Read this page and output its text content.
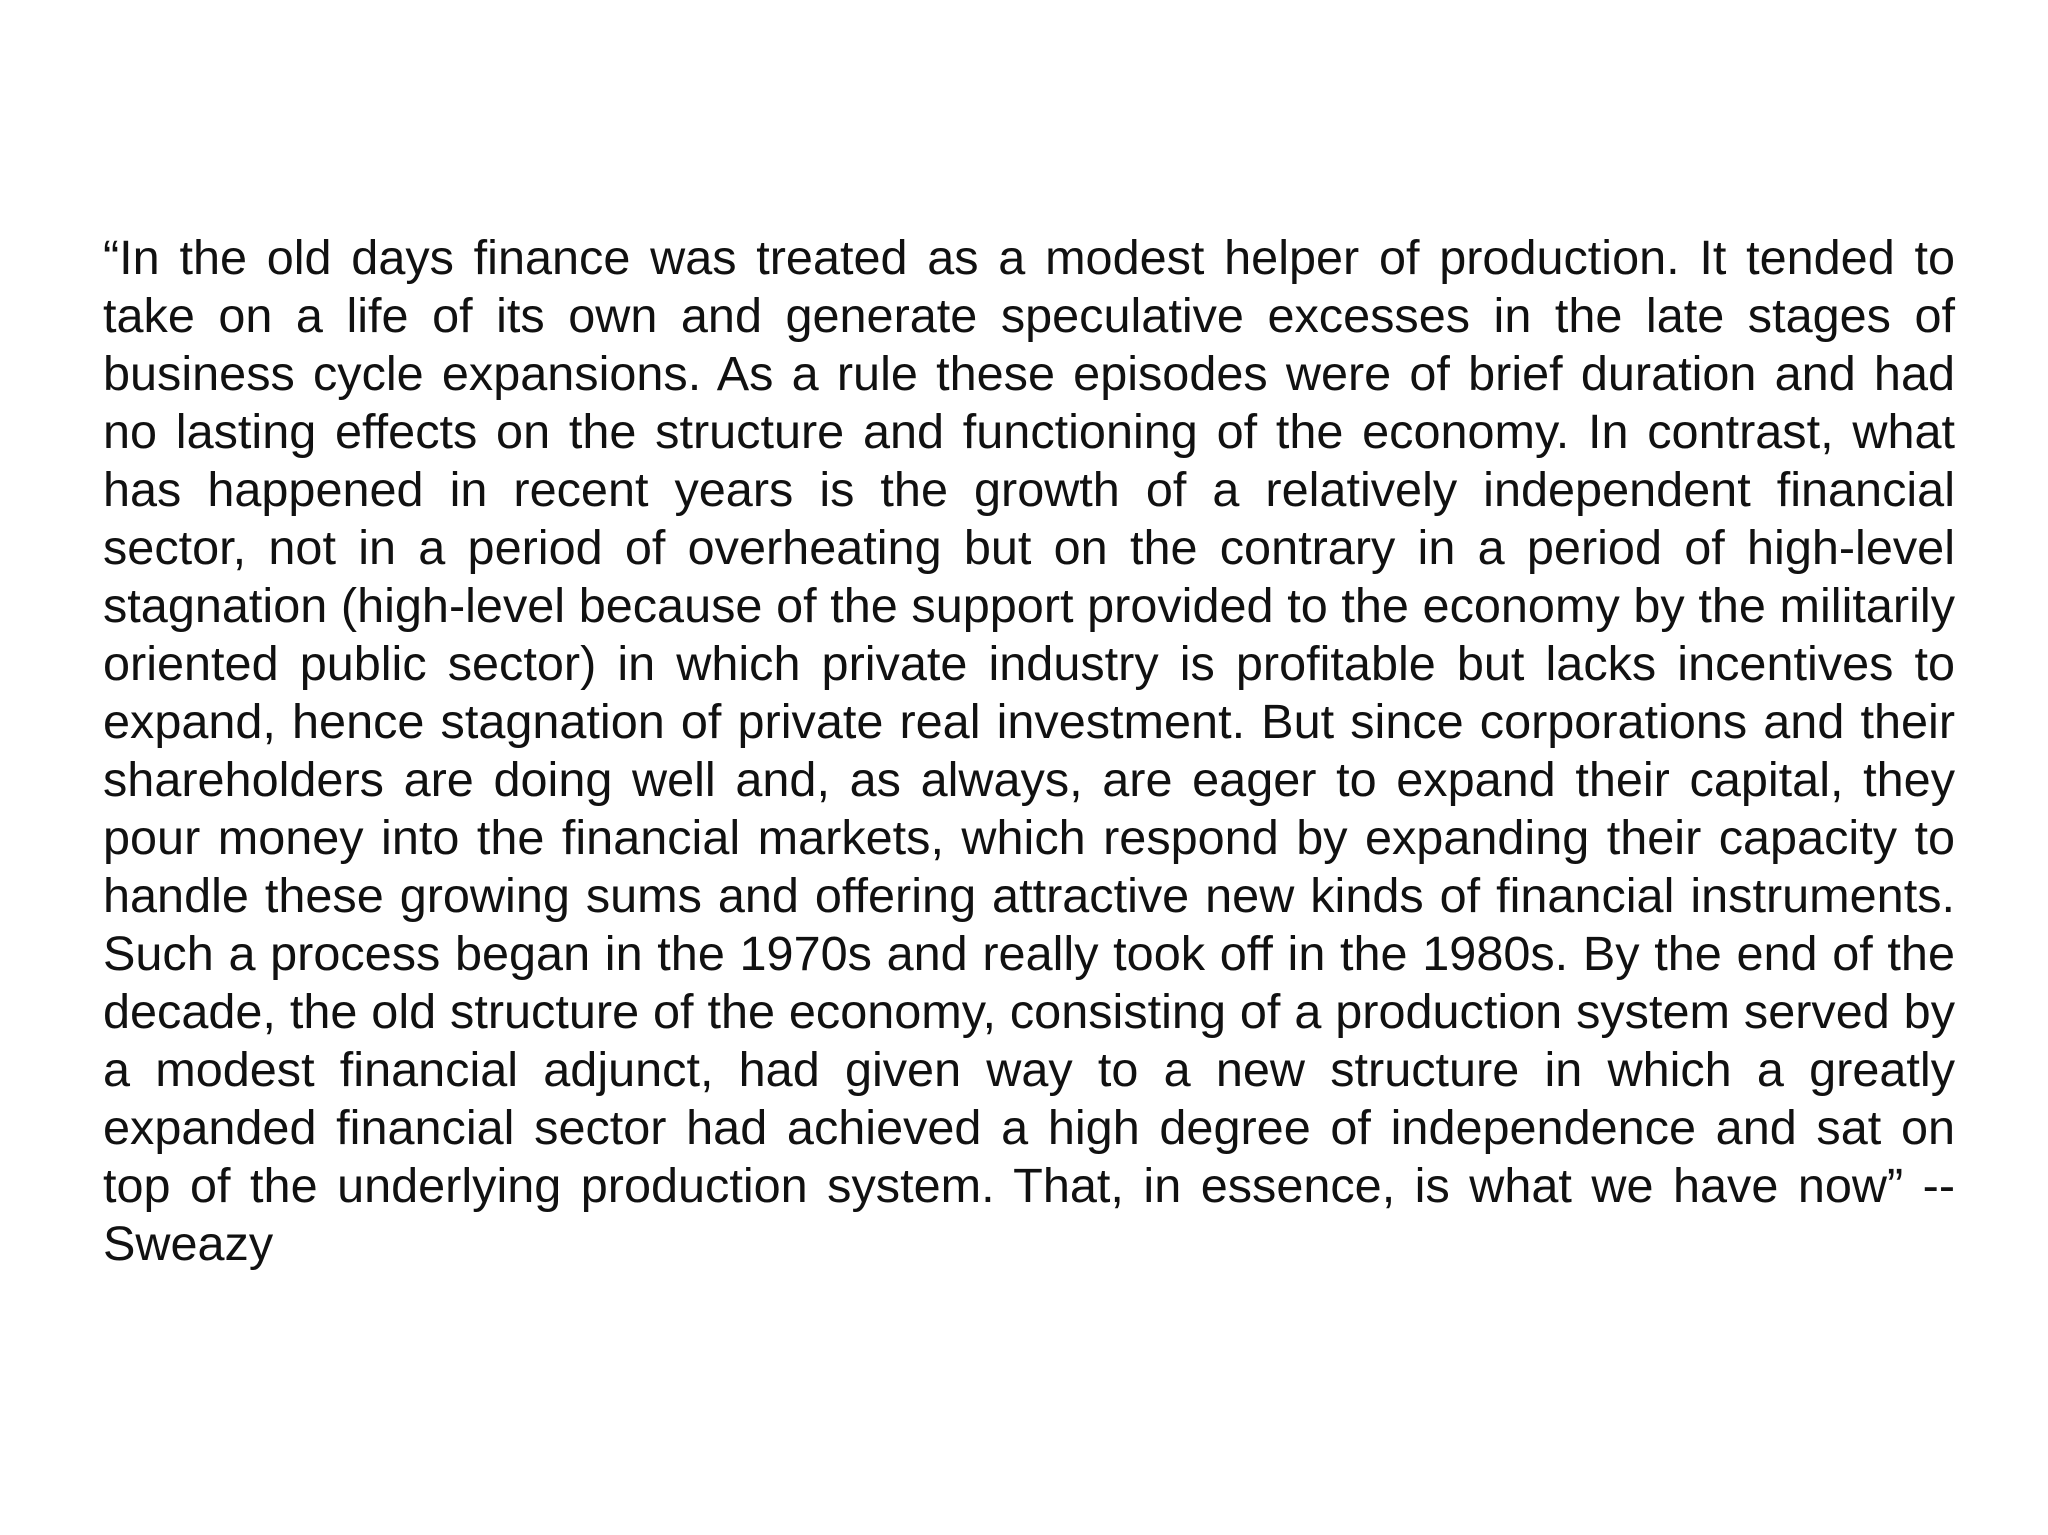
“In the old days finance was treated as a modest helper of production. It tended to take on a life of its own and generate speculative excesses in the late stages of business cycle expansions. As a rule these episodes were of brief duration and had no lasting effects on the structure and functioning of the economy. In contrast, what has happened in recent years is the growth of a relatively independent financial sector, not in a period of overheating but on the contrary in a period of high-level stagnation (high-level because of the support provided to the economy by the militarily oriented public sector) in which private industry is profitable but lacks incentives to expand, hence stagnation of private real investment. But since corporations and their shareholders are doing well and, as always, are eager to expand their capital, they pour money into the financial markets, which respond by expanding their capacity to handle these growing sums and offering attractive new kinds of financial instruments. Such a process began in the 1970s and really took off in the 1980s. By the end of the decade, the old structure of the economy, consisting of a production system served by a modest financial adjunct, had given way to a new structure in which a greatly expanded financial sector had achieved a high degree of independence and sat on top of the underlying production system. That, in essence, is what we have now” -- Sweazy
